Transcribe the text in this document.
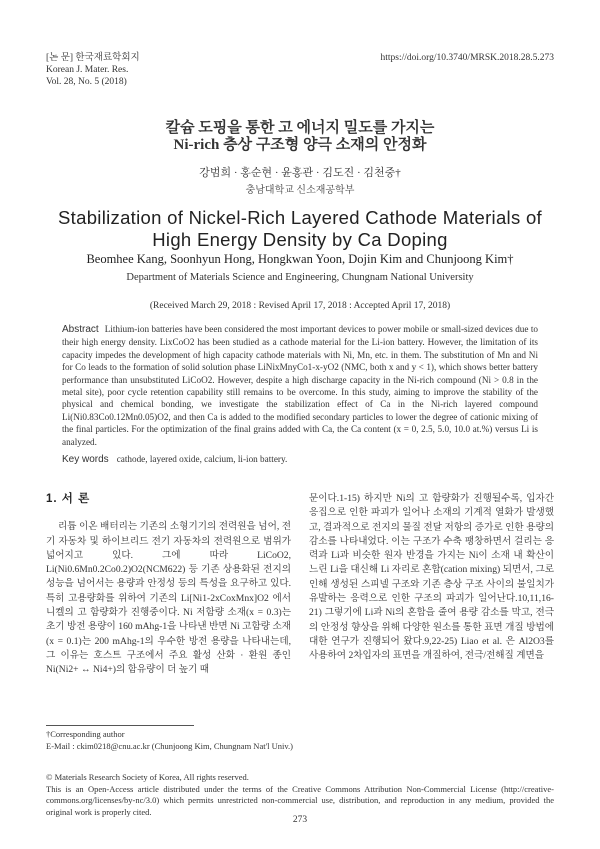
[논 문] 한국재료학회지
Korean J. Mater. Res.
Vol. 28, No. 5 (2018)
https://doi.org/10.3740/MRSK.2018.28.5.273
칼슘 도핑을 통한 고 에너지 밀도를 가지는
Ni-rich 층상 구조형 양극 소재의 안정화
강범희 · 홍순현 · 윤홍관 · 김도진 · 김천중†
충남대학교 신소재공학부
Stabilization of Nickel-Rich Layered Cathode Materials of
High Energy Density by Ca Doping
Beomhee Kang, Soonhyun Hong, Hongkwan Yoon, Dojin Kim and Chunjoong Kim†
Department of Materials Science and Engineering, Chungnam National University
(Received March 29, 2018 : Revised April 17, 2018 : Accepted April 17, 2018)
Abstract Lithium-ion batteries have been considered the most important devices to power mobile or small-sized devices due to their high energy density. LixCoO2 has been studied as a cathode material for the Li-ion battery. However, the limitation of its capacity impedes the development of high capacity cathode materials with Ni, Mn, etc. in them. The substitution of Mn and Ni for Co leads to the formation of solid solution phase LiNixMnyCo1-x-yO2 (NMC, both x and y < 1), which shows better battery performance than unsubstituted LiCoO2. However, despite a high discharge capacity in the Ni-rich compound (Ni > 0.8 in the metal site), poor cycle retention capability still remains to be overcome. In this study, aiming to improve the stability of the physical and chemical bonding, we investigate the stabilization effect of Ca in the Ni-rich layered compound Li(Ni0.83Co0.12Mn0.05)O2, and then Ca is added to the modified secondary particles to lower the degree of cationic mixing of the final particles. For the optimization of the final grains added with Ca, the Ca content (x = 0, 2.5, 5.0, 10.0 at.%) versus Li is analyzed.
Key words cathode, layered oxide, calcium, li-ion battery.
1. 서 론

리튬 이온 배터리는 기존의 소형기기의 전력원을 넘어, 전기 자동차 및 하이브리드 전기 자동차의 전력원으로 범위가 넓어지고 있다. 그에 따라 LiCoO2, Li(Ni0.6Mn0.2Co0.2)O2(NCM622) 등 기존 상용화된 전지의 성능을 넘어서는 용량과 안정성 등의 특성을 요구하고 있다. 특히 고용량화를 위하여 기존의 Li[Ni1-2xCoxMnx]O2 에서 니켈의 고 함량화가 진행중이다. Ni 저함량 소재(x = 0.3)는 초기 방전 용량이 160 mAhg-1을 나타낸 반면 Ni 고함량 소재(x = 0.1)는 200 mAhg-1의 우수한 방전 용량을 나타내는데, 그 이유는 호스트 구조에서 주요 활성 산화 · 환원 종인 Ni(Ni2+ ↔ Ni4+)의 함유량이 더 높기 때

문이다.1-15) 하지만 Ni의 고 함량화가 진행될수록, 입자간 응집으로 인한 파괴가 일어나 소재의 기계적 열화가 발생했고, 결과적으로 전지의 물질 전달 저항의 증가로 인한 용량의 감소를 나타내었다. 이는 구조가 수축 팽창하면서 걸리는 응력과 Li과 비슷한 원자 반경을 가지는 Ni이 소재 내 확산이 느린 Li을 대신해 Li 자리로 혼합(cation mixing) 되면서, 그로 인해 생성된 스피넬 구조와 기존 층상 구조 사이의 불일치가 유발하는 응력으로 인한 구조의 파괴가 일어난다.10,11,16-21) 그렇기에 Li과 Ni의 혼합을 줄여 용량 감소를 막고, 전극의 안정성 향상을 위해 다양한 원소를 통한 표면 개질 방법에 대한 연구가 진행되어 왔다.9,22-25) Liao et al. 은 Al2O3를 사용하여 2차입자의 표면을 개질하여, 전극/전해질 계면을

†Corresponding author
E-Mail : ckim0218@cnu.ac.kr (Chunjoong Kim, Chungnam Nat'l Univ.)
© Materials Research Society of Korea, All rights reserved.
This is an Open-Access article distributed under the terms of the Creative Commons Attribution Non-Commercial License (http://creative-commons.org/licenses/by-nc/3.0) which permits unrestricted non-commercial use, distribution, and reproduction in any medium, provided the original work is properly cited.
273
